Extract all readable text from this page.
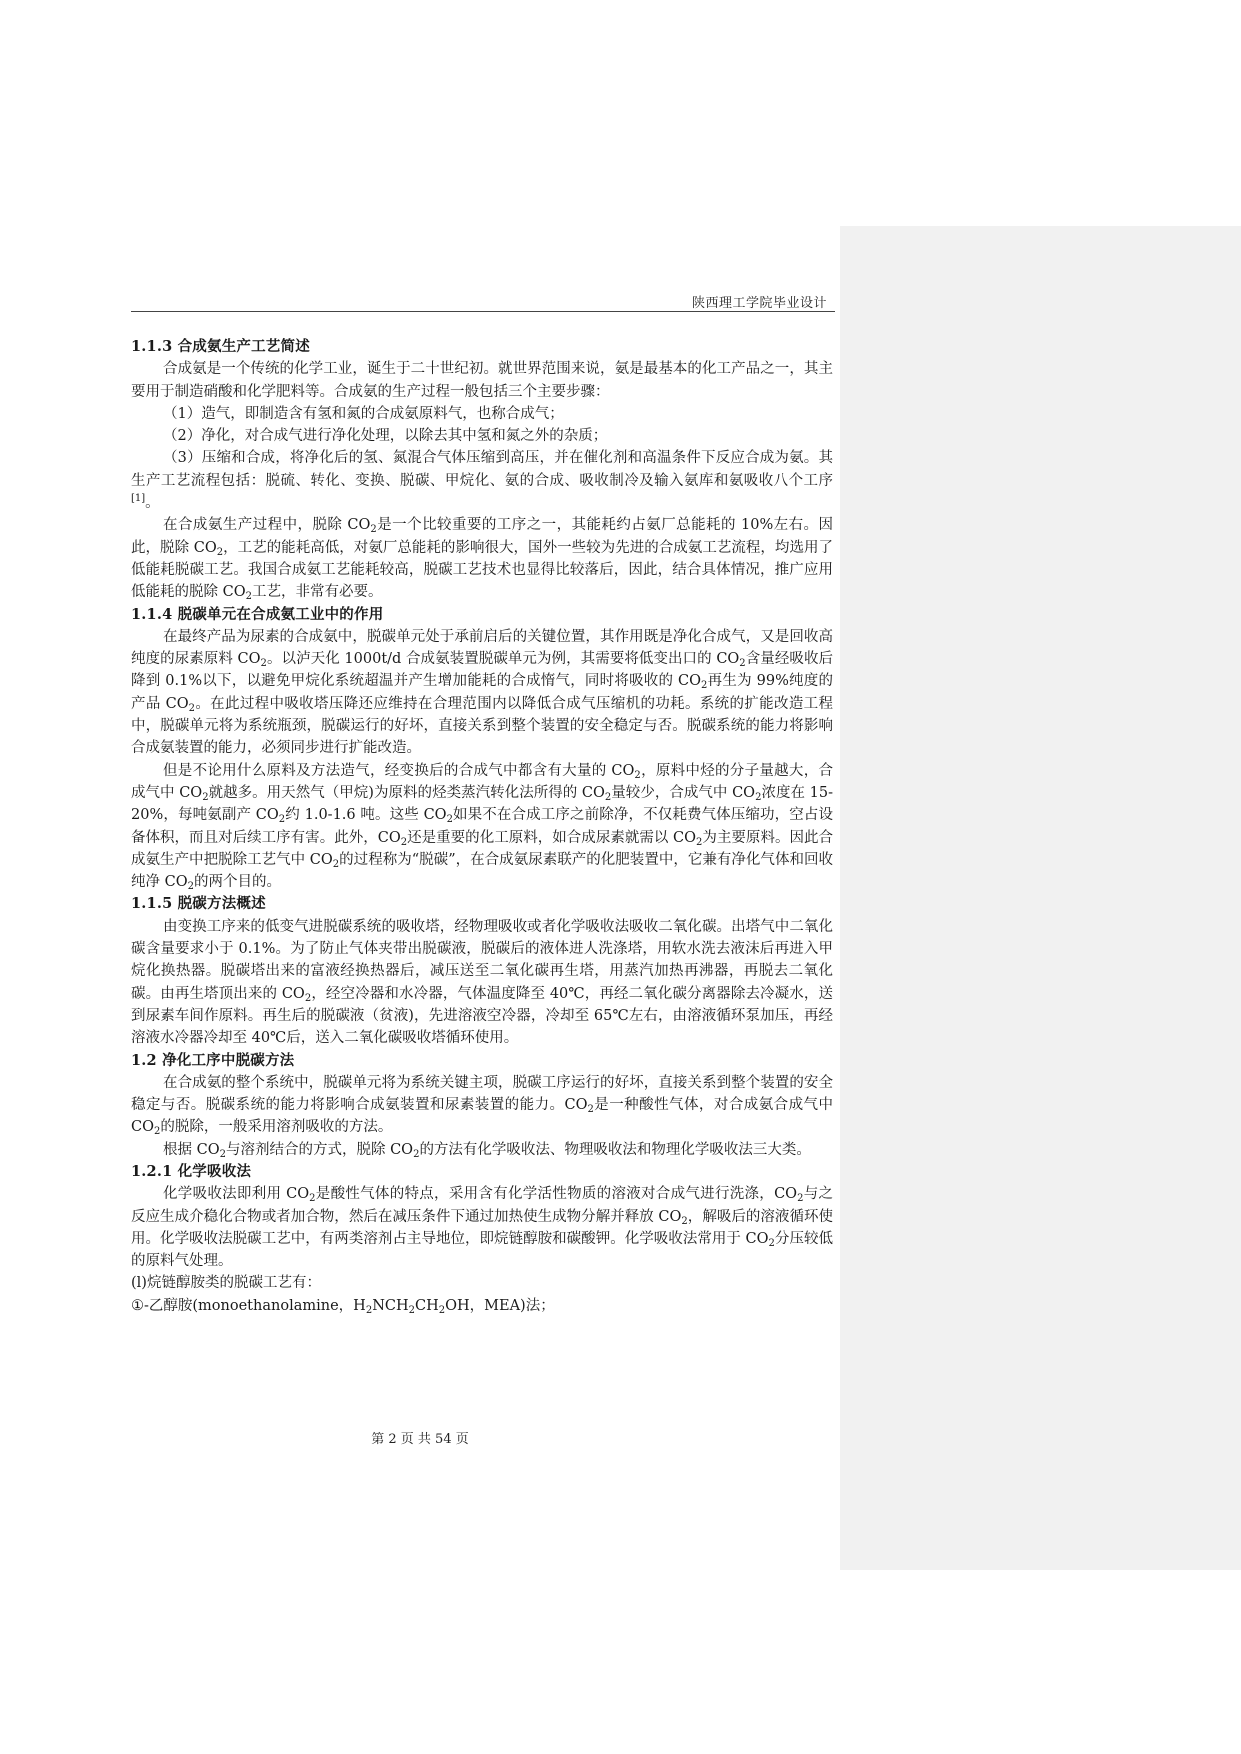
陕西理工学院毕业设计

1.1.3 合成氨生产工艺简述

合成氨是一个传统的化学工业，诞生于二十世纪初。就世界范围来说，氨是最基本的化工产品之一，其主要用于制造硝酸和化学肥料等。合成氨的生产过程一般包括三个主要步骤：

（1）造气，即制造含有氢和氮的合成氨原料气，也称合成气；

（2）净化，对合成气进行净化处理，以除去其中氢和氮之外的杂质；

（3）压缩和合成，将净化后的氢、氮混合气体压缩到高压，并在催化剂和高温条件下反应合成为氨。其生产工艺流程包括：脱硫、转化、变换、脱碳、甲烷化、氨的合成、吸收制冷及输入氨库和氨吸收八个工序[1]。

在合成氨生产过程中，脱除 $CO_2$是一个比较重要的工序之一，其能耗约占氨厂总能耗的 10%左右。因此，脱除 $CO_2$，工艺的能耗高低，对氨厂总能耗的影响很大，国外一些较为先进的合成氨工艺流程，均选用了低能耗脱碳工艺。我国合成氨工艺能耗较高，脱碳工艺技术也显得比较落后，因此，结合具体情况，推广应用低能耗的脱除 $CO_2$工艺，非常有必要。

1.1.4 脱碳单元在合成氨工业中的作用

在最终产品为尿素的合成氨中，脱碳单元处于承前启后的关键位置，其作用既是净化合成气，又是回收高纯度的尿素原料 $CO_2$。以泸天化 1000t/d 合成氨装置脱碳单元为例，其需要将低变出口的 $CO_2$含量经吸收后降到 0.1%以下，以避免甲烷化系统超温并产生增加能耗的合成惰气，同时将吸收的 $CO_2$再生为 99%纯度的产品 $CO_2$。在此过程中吸收塔压降还应维持在合理范围内以降低合成气压缩机的功耗。系统的扩能改造工程中，脱碳单元将为系统瓶颈，脱碳运行的好坏，直接关系到整个装置的安全稳定与否。脱碳系统的能力将影响合成氨装置的能力，必须同步进行扩能改造。

但是不论用什么原料及方法造气，经变换后的合成气中都含有大量的 $CO_2$，原料中烃的分子量越大，合成气中 $CO_2$就越多。用天然气（甲烷)为原料的烃类蒸汽转化法所得的 $CO_2$量较少，合成气中 $CO_2$浓度在 15-20%，每吨氨副产 $CO_2$约 1.0-1.6 吨。这些 $CO_2$如果不在合成工序之前除净，不仅耗费气体压缩功，空占设备体积，而且对后续工序有害。此外，$CO_2$还是重要的化工原料，如合成尿素就需以 $CO_2$为主要原料。因此合成氨生产中把脱除工艺气中 $CO_2$的过程称为“脱碳”，在合成氨尿素联产的化肥装置中，它兼有净化气体和回收纯净 $CO_2$的两个目的。

1.1.5 脱碳方法概述

由变换工序来的低变气进脱碳系统的吸收塔，经物理吸收或者化学吸收法吸收二氧化碳。出塔气中二氧化碳含量要求小于 0.1%。为了防止气体夹带出脱碳液，脱碳后的液体进人洗涤塔，用软水洗去液沫后再进入甲烷化换热器。脱碳塔出来的富液经换热器后，减压送至二氧化碳再生塔，用蒸汽加热再沸器，再脱去二氧化碳。由再生塔顶出来的 $CO_2$，经空冷器和水冷器，气体温度降至 40℃，再经二氧化碳分离器除去冷凝水，送到尿素车间作原料。再生后的脱碳液（贫液)，先进溶液空冷器，冷却至 65℃左右，由溶液循环泵加压，再经溶液水冷器冷却至 40℃后，送入二氧化碳吸收塔循环使用。

1.2 净化工序中脱碳方法

在合成氨的整个系统中，脱碳单元将为系统关键主项，脱碳工序运行的好坏，直接关系到整个装置的安全稳定与否。脱碳系统的能力将影响合成氨装置和尿素装置的能力。$CO_2$是一种酸性气体，对合成氨合成气中 $CO_2$的脱除，一般采用溶剂吸收的方法。

根据 $CO_2$与溶剂结合的方式，脱除 $CO_2$的方法有化学吸收法、物理吸收法和物理化学吸收法三大类。

1.2.1 化学吸收法

化学吸收法即利用 $CO_2$是酸性气体的特点，采用含有化学活性物质的溶液对合成气进行洗涤，$CO_2$与之反应生成介稳化合物或者加合物，然后在减压条件下通过加热使生成物分解并释放 $CO_2$，解吸后的溶液循环使用。化学吸收法脱碳工艺中，有两类溶剂占主导地位，即烷链醇胺和碳酸钾。化学吸收法常用于 $CO_2$分压较低的原料气处理。

(l)烷链醇胺类的脱碳工艺有：

①-乙醇胺(monoethanolamine，$H_2NCH_2CH_2OH$，MEA)法；

第 2 页 共 54 页
